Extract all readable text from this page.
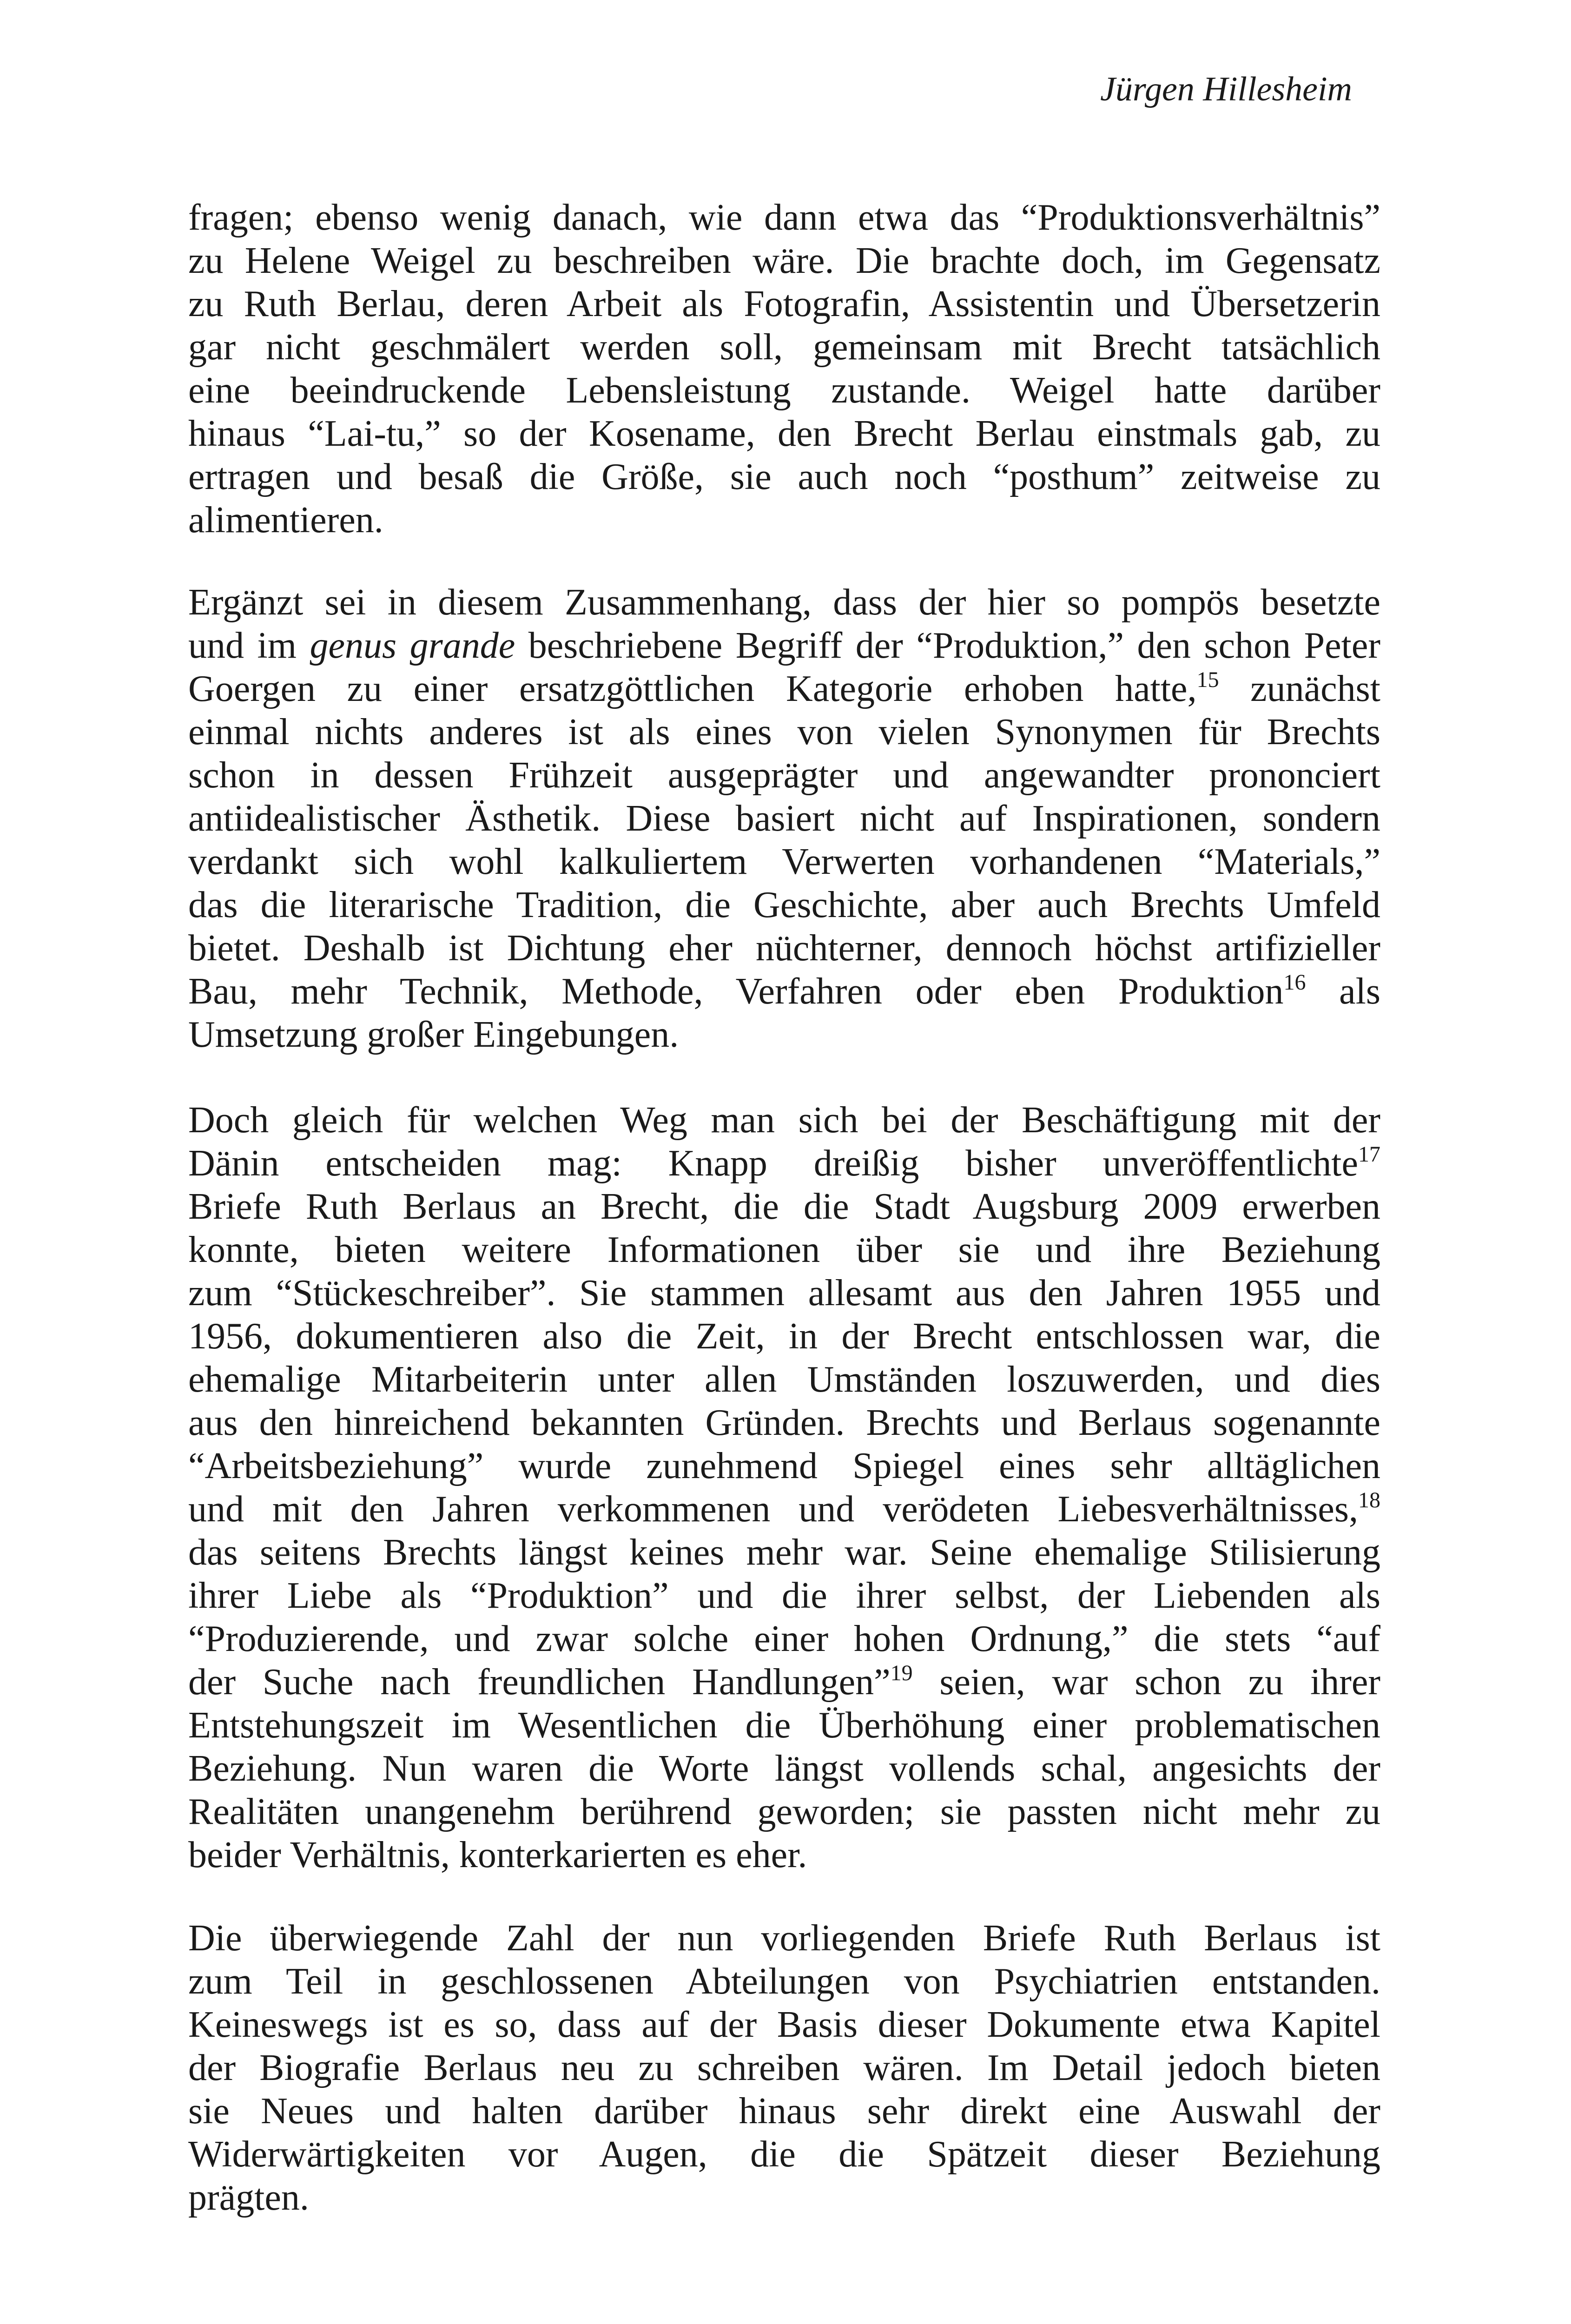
Jürgen Hillesheim
fragen; ebenso wenig danach, wie dann etwa das “Produktionsverhältnis”
zu Helene Weigel zu beschreiben wäre. Die brachte doch, im Gegensatz
zu Ruth Berlau, deren Arbeit als Fotografin, Assistentin und Übersetzerin
gar nicht geschmälert werden soll, gemeinsam mit Brecht tatsächlich
eine beeindruckende Lebensleistung zustande. Weigel hatte darüber
hinaus “Lai-tu,” so der Kosename, den Brecht Berlau einstmals gab, zu
ertragen und besaß die Größe, sie auch noch “posthum” zeitweise zu
alimentieren.
Ergänzt sei in diesem Zusammenhang, dass der hier so pompös besetzte
und im genus grande beschriebene Begriff der “Produktion,” den schon Peter
Goergen zu einer ersatzgöttlichen Kategorie erhoben hatte,$^{15}$ zunächst
einmal nichts anderes ist als eines von vielen Synonymen für Brechts
schon in dessen Frühzeit ausgeprägter und angewandter prononciert
antiidealistischer Ästhetik. Diese basiert nicht auf Inspirationen, sondern
verdankt sich wohl kalkuliertem Verwerten vorhandenen “Materials,”
das die literarische Tradition, die Geschichte, aber auch Brechts Umfeld
bietet. Deshalb ist Dichtung eher nüchterner, dennoch höchst artifizieller
Bau, mehr Technik, Methode, Verfahren oder eben Produktion$^{16}$ als
Umsetzung großer Eingebungen.
Doch gleich für welchen Weg man sich bei der Beschäftigung mit der
Dänin entscheiden mag: Knapp dreißig bisher unveröffentlichte$^{17}$
Briefe Ruth Berlaus an Brecht, die die Stadt Augsburg 2009 erwerben
konnte, bieten weitere Informationen über sie und ihre Beziehung
zum “Stückeschreiber”. Sie stammen allesamt aus den Jahren 1955 und
1956, dokumentieren also die Zeit, in der Brecht entschlossen war, die
ehemalige Mitarbeiterin unter allen Umständen loszuwerden, und dies
aus den hinreichend bekannten Gründen. Brechts und Berlaus sogenannte
“Arbeitsbeziehung” wurde zunehmend Spiegel eines sehr alltäglichen
und mit den Jahren verkommenen und verödeten Liebesverhältnisses,$^{18}$
das seitens Brechts längst keines mehr war. Seine ehemalige Stilisierung
ihrer Liebe als “Produktion” und die ihrer selbst, der Liebenden als
“Produzierende, und zwar solche einer hohen Ordnung,” die stets “auf
der Suche nach freundlichen Handlungen”$^{19}$ seien, war schon zu ihrer
Entstehungszeit im Wesentlichen die Überhöhung einer problematischen
Beziehung. Nun waren die Worte längst vollends schal, angesichts der
Realitäten unangenehm berührend geworden; sie passten nicht mehr zu
beider Verhältnis, konterkarierten es eher.
Die überwiegende Zahl der nun vorliegenden Briefe Ruth Berlaus ist
zum Teil in geschlossenen Abteilungen von Psychiatrien entstanden.
Keineswegs ist es so, dass auf der Basis dieser Dokumente etwa Kapitel
der Biografie Berlaus neu zu schreiben wären. Im Detail jedoch bieten
sie Neues und halten darüber hinaus sehr direkt eine Auswahl der
Widerwärtigkeiten vor Augen, die die Spätzeit dieser Beziehung
prägten.
